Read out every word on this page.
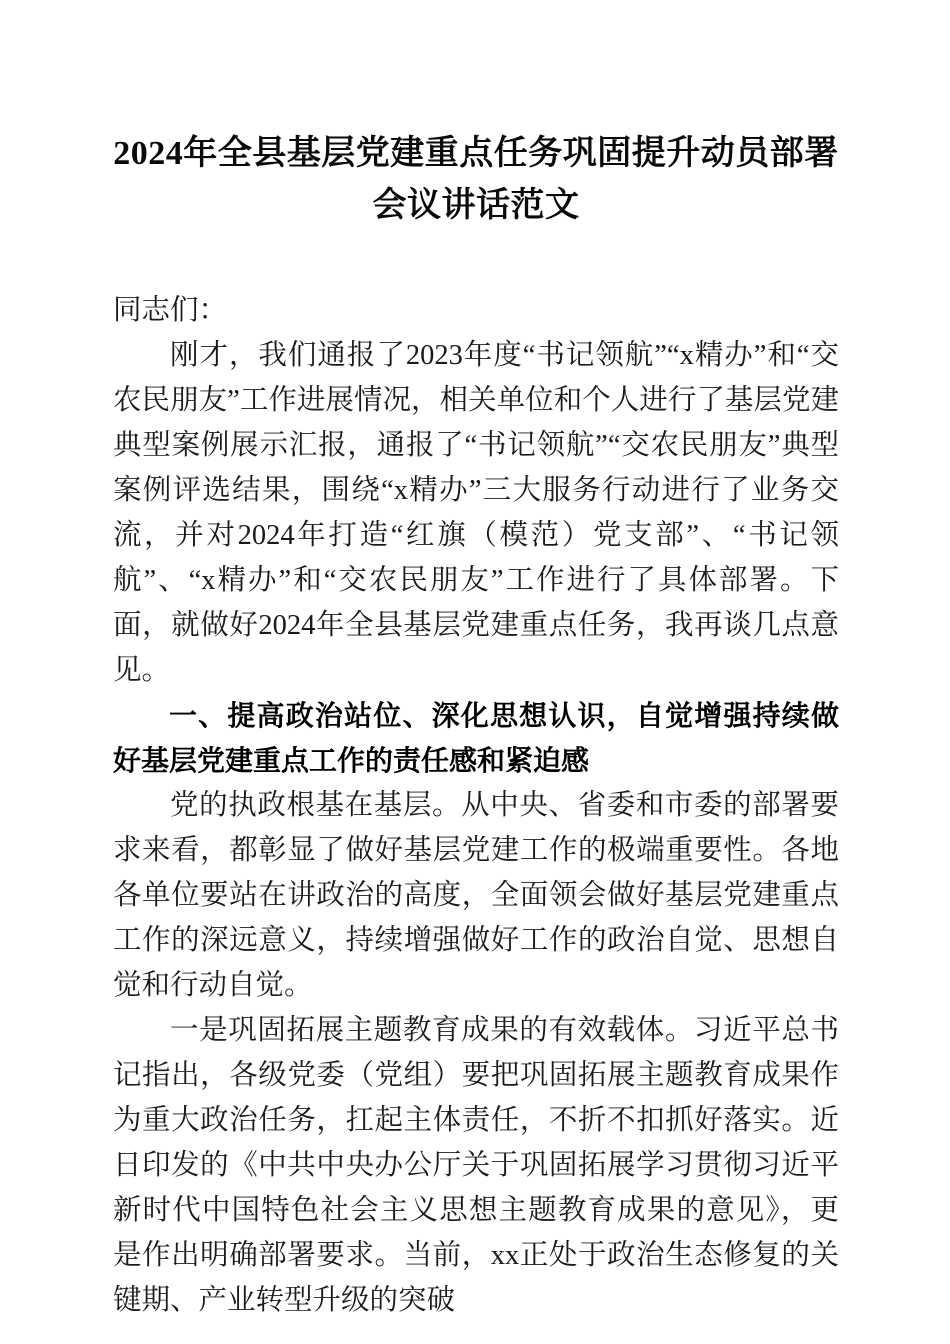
2024年全县基层党建重点任务巩固提升动员部署会议讲话范文

同志们：

刚才，我们通报了2023年度“书记领航”“x精办”和“交农民朋友”工作进展情况，相关单位和个人进行了基层党建典型案例展示汇报，通报了“书记领航”“交农民朋友”典型案例评选结果，围绕“x精办”三大服务行动进行了业务交流，并对2024年打造“红旗（模范）党支部”、“书记领航”、“x精办”和“交农民朋友”工作进行了具体部署。下面，就做好2024年全县基层党建重点任务，我再谈几点意见。

一、提高政治站位、深化思想认识，自觉增强持续做好基层党建重点工作的责任感和紧迫感

党的执政根基在基层。从中央、省委和市委的部署要求来看，都彰显了做好基层党建工作的极端重要性。各地各单位要站在讲政治的高度，全面领会做好基层党建重点工作的深远意义，持续增强做好工作的政治自觉、思想自觉和行动自觉。

一是巩固拓展主题教育成果的有效载体。习近平总书记指出，各级党委（党组）要把巩固拓展主题教育成果作为重大政治任务，扛起主体责任，不折不扣抓好落实。近日印发的《中共中央办公厅关于巩固拓展学习贯彻习近平新时代中国特色社会主义思想主题教育成果的意见》，更是作出明确部署要求。当前，xx正处于政治生态修复的关键期、产业转型升级的突破
